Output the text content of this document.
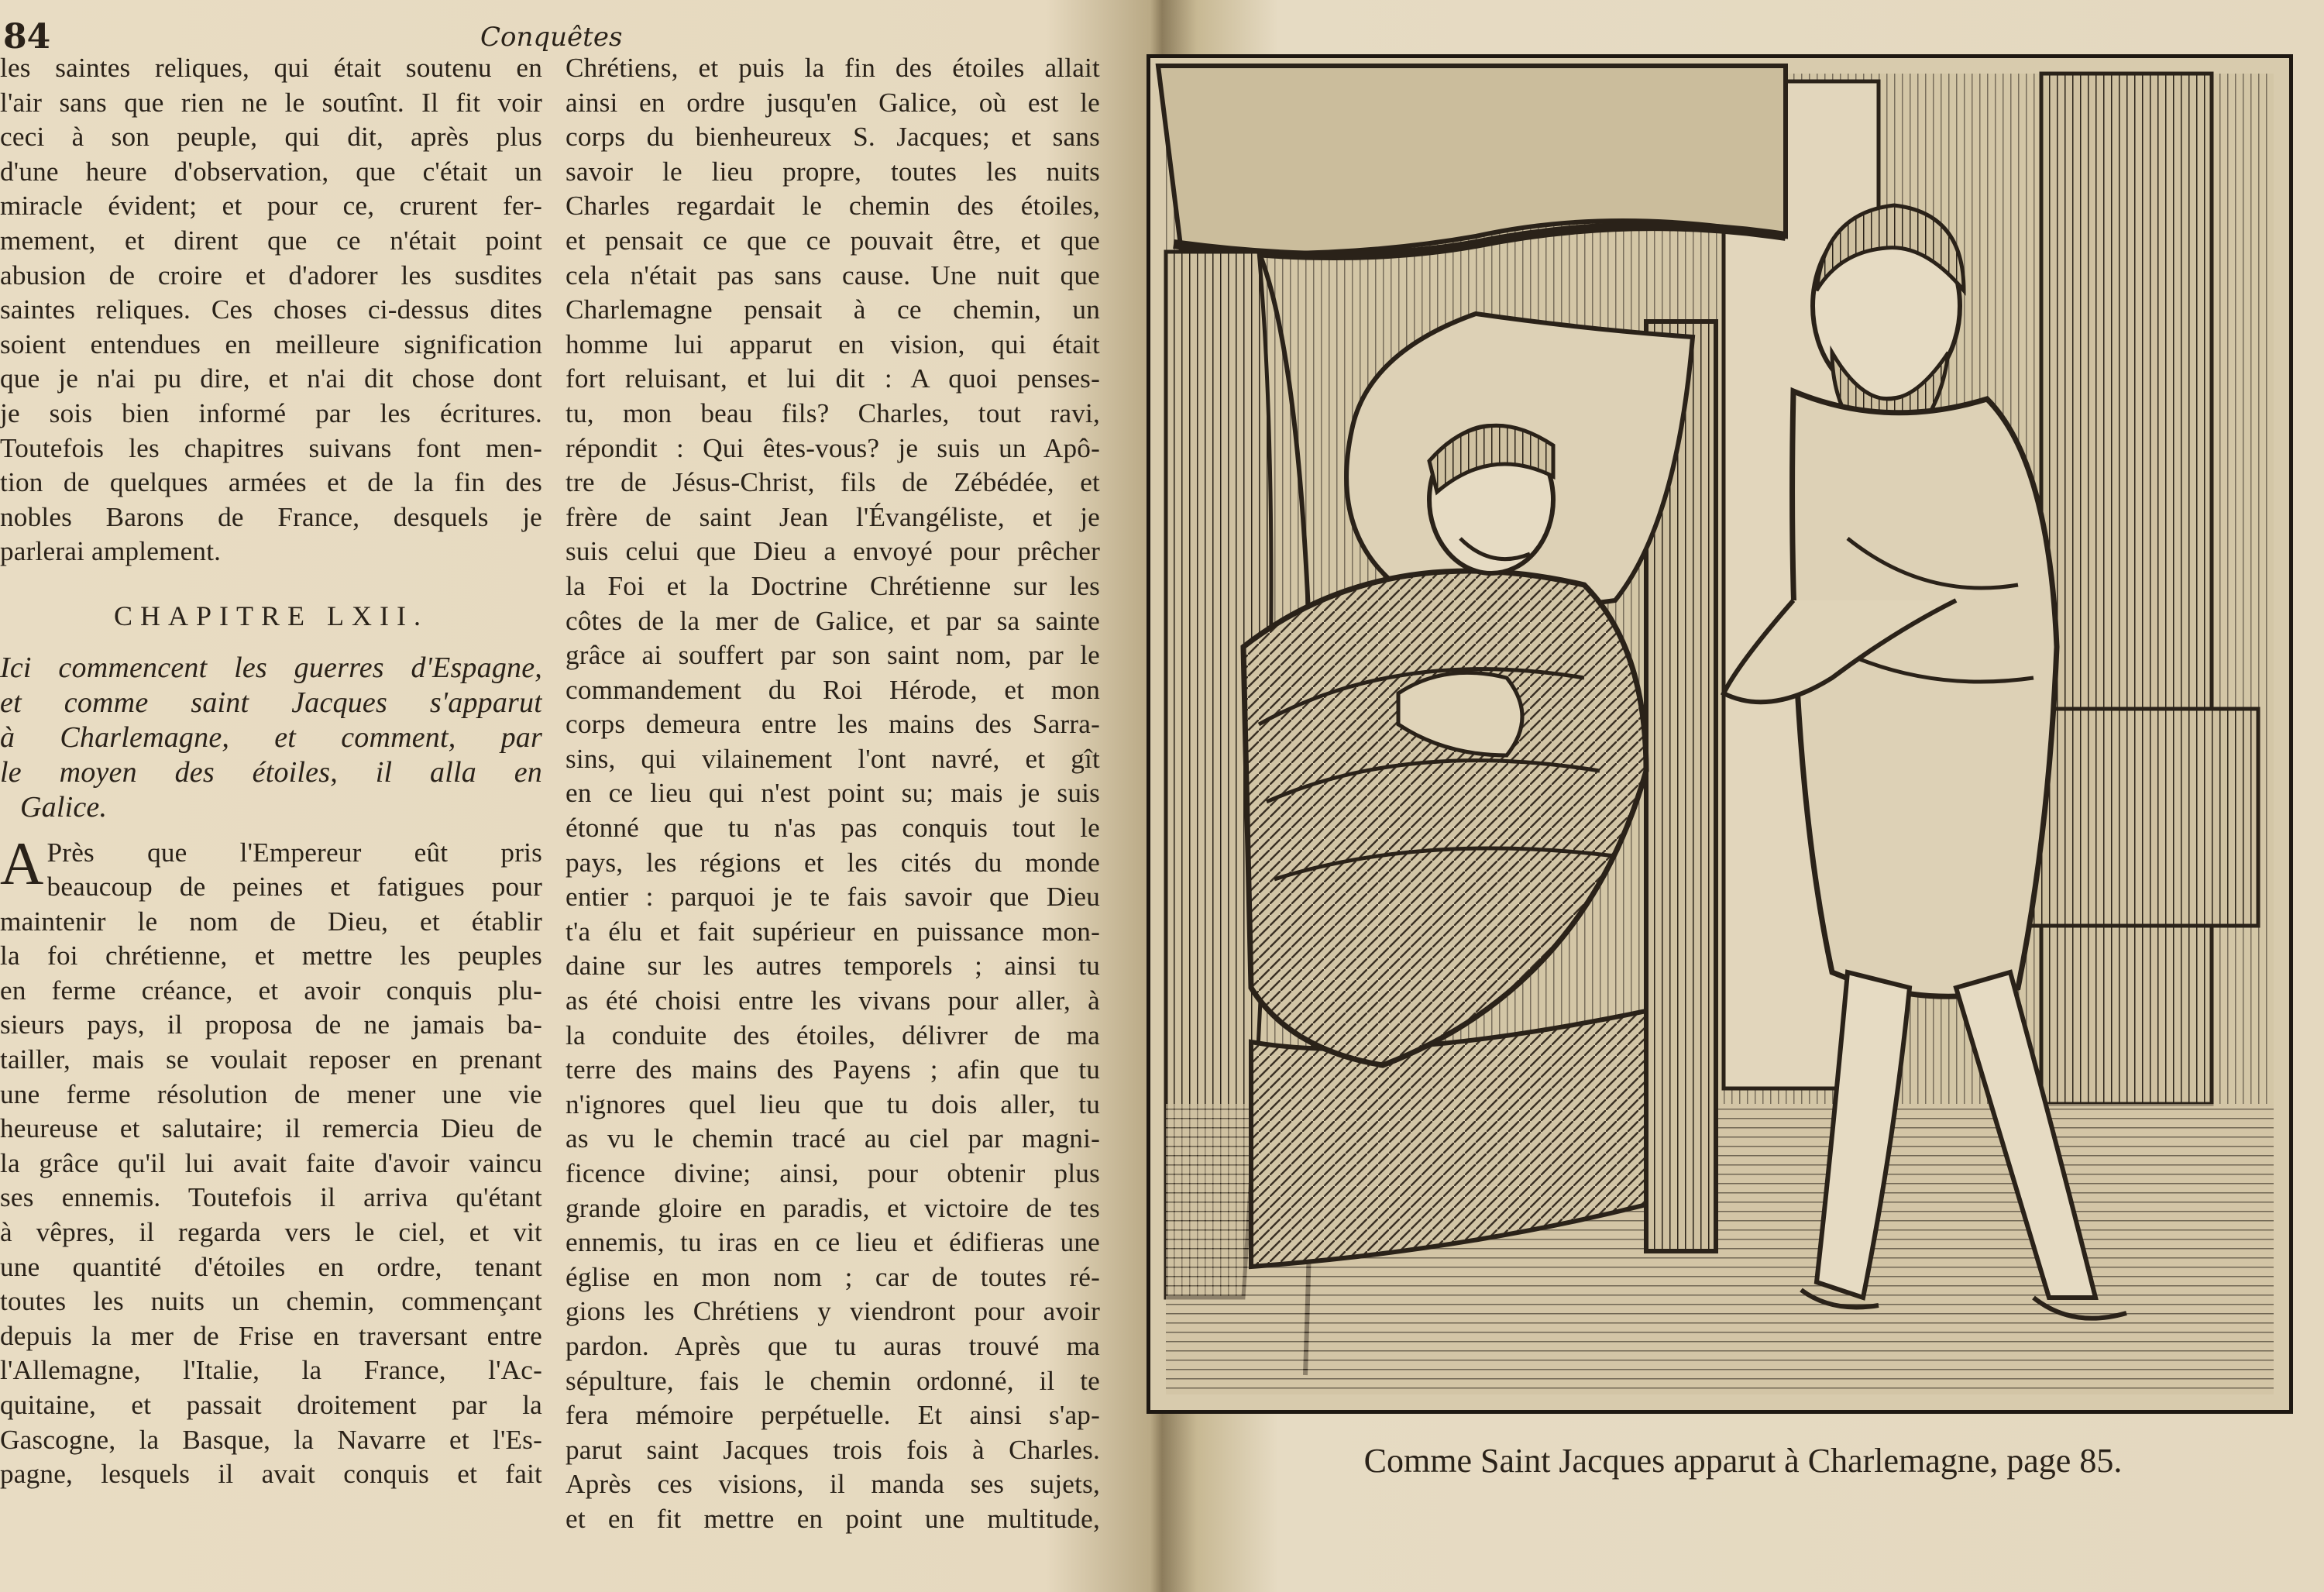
84	Conquêtes
les saintes reliques, qui était soutenu en
l'air sans que rien ne le soutînt. Il fit voir
ceci à son peuple, qui dit, après plus
d'une heure d'observation, que c'était un
miracle évident; et pour ce, crurent fer-
mement, et dirent que ce n'était point
abusion de croire et d'adorer les susdites
saintes reliques. Ces choses ci-dessus dites
soient entendues en meilleure signification
que je n'ai pu dire, et n'ai dit chose dont
je sois bien informé par les écritures.
Toutefois les chapitres suivans font men-
tion de quelques armées et de la fin des
nobles Barons de France, desquels je
parlerai amplement.
CHAPITRE LXII.
Ici commencent les guerres d'Espagne,
et comme saint Jacques s'apparut
à Charlemagne, et comment, par
le moyen des étoiles, il alla en
Galice.
A Près que l'Empereur eût pris
beaucoup de peines et fatigues pour
maintenir le nom de Dieu, et établir
la foi chrétienne, et mettre les peuples
en ferme créance, et avoir conquis plu-
sieurs pays, il proposa de ne jamais ba-
tailler, mais se voulait reposer en prenant
une ferme résolution de mener une vie
heureuse et salutaire; il remercia Dieu de
la grâce qu'il lui avait faite d'avoir vaincu
ses ennemis. Toutefois il arriva qu'étant
à vêpres, il regarda vers le ciel, et vit
une quantité d'étoiles en ordre, tenant
toutes les nuits un chemin, commençant
depuis la mer de Frise en traversant entre
l'Allemagne, l'Italie, la France, l'Ac-
quitaine, et passait droitement par la
Gascogne, la Basque, la Navarre et l'Es-
pagne, lesquels il avait conquis et fait
Chrétiens, et puis la fin des étoiles allait
ainsi en ordre jusqu'en Galice, où est le
corps du bienheureux S. Jacques; et sans
savoir le lieu propre, toutes les nuits
Charles regardait le chemin des étoiles,
et pensait ce que ce pouvait être, et que
cela n'était pas sans cause. Une nuit que
Charlemagne pensait à ce chemin, un
homme lui apparut en vision, qui était
fort reluisant, et lui dit : A quoi penses-
tu, mon beau fils? Charles, tout ravi,
répondit : Qui êtes-vous? je suis un Apô-
tre de Jésus-Christ, fils de Zébédée, et
frère de saint Jean l'Évangéliste, et je
suis celui que Dieu a envoyé pour prêcher
la Foi et la Doctrine Chrétienne sur les
côtes de la mer de Galice, et par sa sainte
grâce ai souffert par son saint nom, par le
commandement du Roi Hérode, et mon
corps demeura entre les mains des Sarra-
sins, qui vilainement l'ont navré, et gît
en ce lieu qui n'est point su; mais je suis
étonné que tu n'as pas conquis tout le
pays, les régions et les cités du monde
entier : parquoi je te fais savoir que Dieu
t'a élu et fait supérieur en puissance mon-
daine sur les autres temporels ; ainsi tu
as été choisi entre les vivans pour aller, à
la conduite des étoiles, délivrer de ma
terre des mains des Payens ; afin que tu
n'ignores quel lieu que tu dois aller, tu
as vu le chemin tracé au ciel par magni-
ficence divine; ainsi, pour obtenir plus
grande gloire en paradis, et victoire de tes
ennemis, tu iras en ce lieu et édifieras une
église en mon nom ; car de toutes ré-
gions les Chrétiens y viendront pour avoir
pardon. Après que tu auras trouvé ma
sépulture, fais le chemin ordonné, il te
fera mémoire perpétuelle. Et ainsi s'ap-
parut saint Jacques trois fois à Charles.
Après ces visions, il manda ses sujets,
et en fit mettre en point une multitude,
Comme Saint Jacques apparut à Charlemagne, page 85.
